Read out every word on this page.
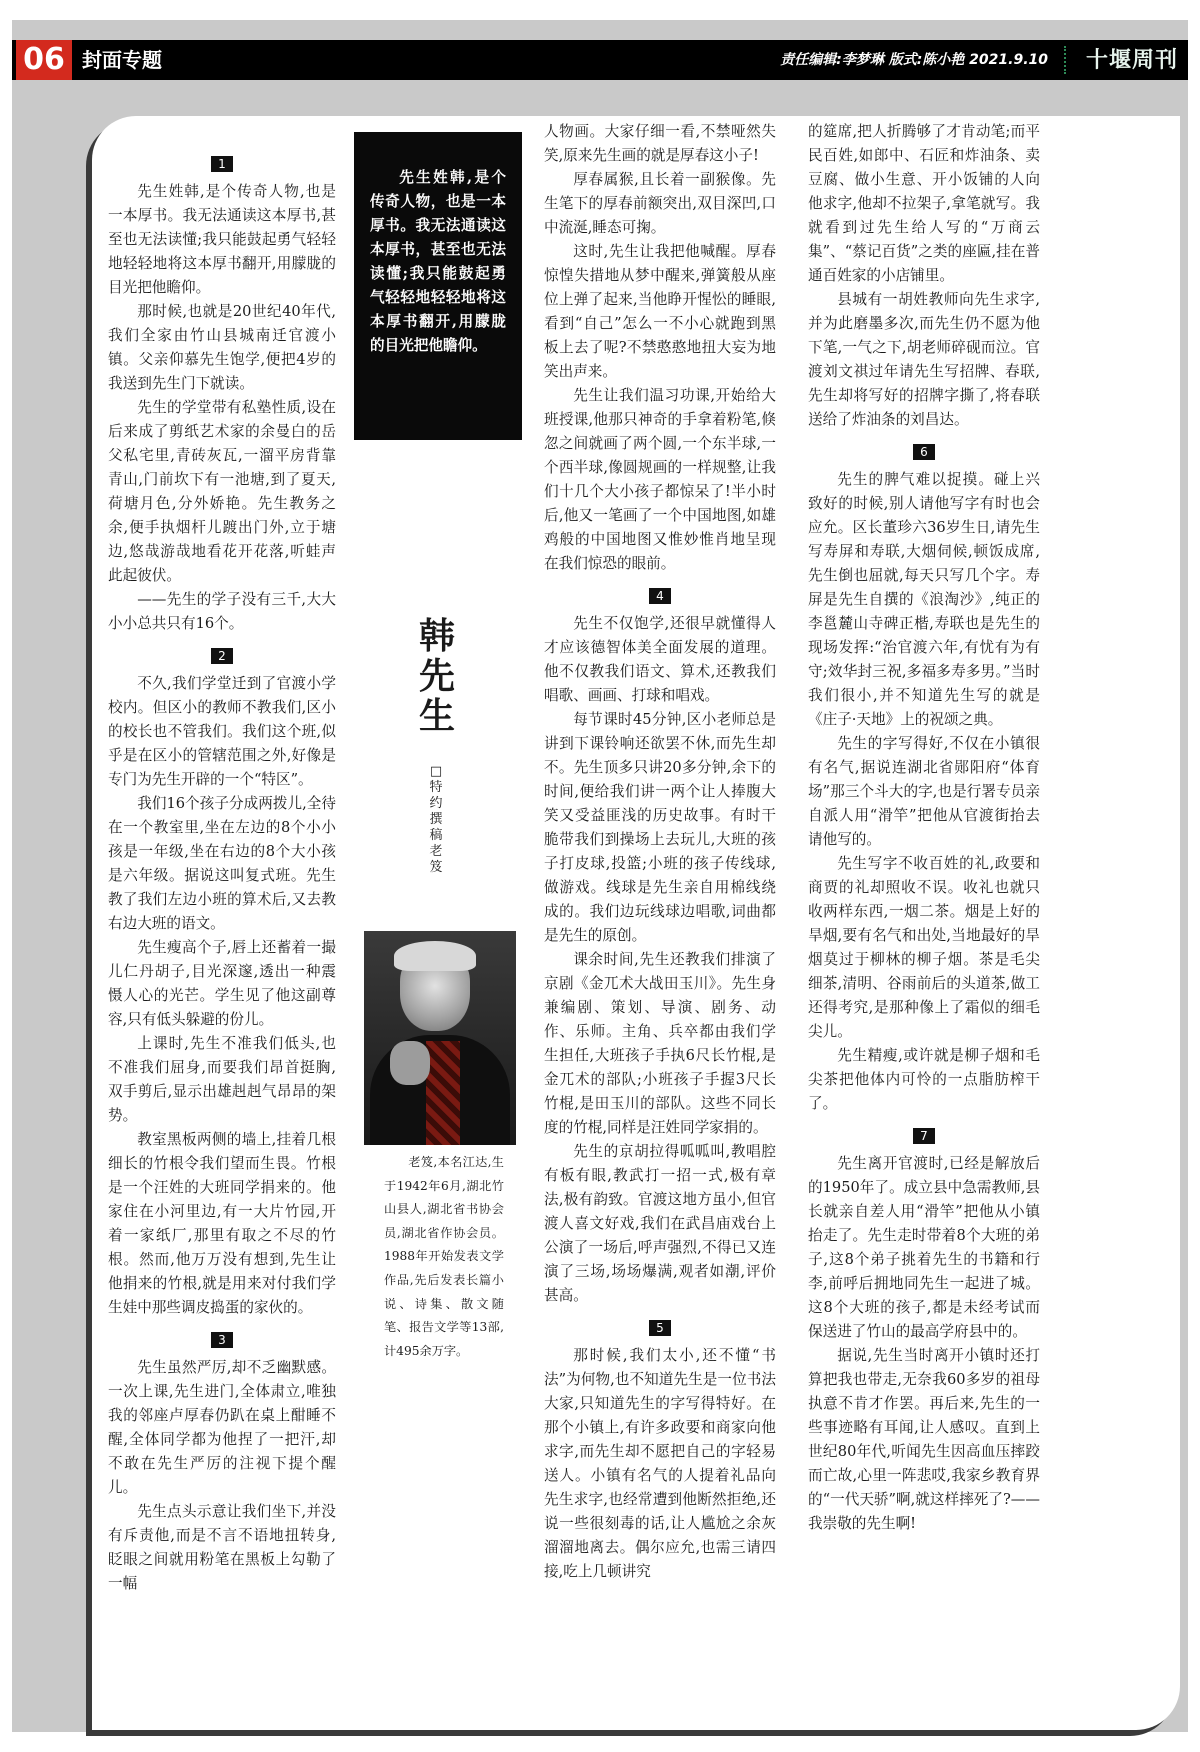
06 封面专题	责任编辑:李梦琳 版式:陈小艳 2021.9.10 十堰周刊
1

先生姓韩,是个传奇人物,也是一本厚书。我无法通读这本厚书,甚至也无法读懂;我只能鼓起勇气轻轻地轻轻地将这本厚书翻开,用朦胧的目光把他瞻仰。

那时候,也就是20世纪40年代,我们全家由竹山县城南迁官渡小镇。父亲仰慕先生饱学,便把4岁的我送到先生门下就读。

先生的学堂带有私塾性质,设在后来成了剪纸艺术家的余曼白的岳父私宅里,青砖灰瓦,一溜平房背靠青山,门前坎下有一池塘,到了夏天,荷塘月色,分外娇艳。先生教务之余,便手执烟杆儿踱出门外,立于塘边,悠哉游哉地看花开花落,听蛙声此起彼伏。

——先生的学子没有三千,大大小小总共只有16个。

2

不久,我们学堂迁到了官渡小学校内。但区小的教师不教我们,区小的校长也不管我们。我们这个班,似乎是在区小的管辖范围之外,好像是专门为先生开辟的一个“特区”。

我们16个孩子分成两拨儿,全待在一个教室里,坐在左边的8个小小孩是一年级,坐在右边的8个大小孩是六年级。据说这叫复式班。先生教了我们左边小班的算术后,又去教右边大班的语文。

先生瘦高个子,唇上还蓄着一撮儿仁丹胡子,目光深邃,透出一种震慑人心的光芒。学生见了他这副尊容,只有低头躲避的份儿。

上课时,先生不准我们低头,也不准我们屈身,而要我们昂首挺胸,双手剪后,显示出雄赳赳气昂昂的架势。

教室黑板两侧的墙上,挂着几根细长的竹根令我们望而生畏。竹根是一个汪姓的大班同学捐来的。他家住在小河里边,有一大片竹园,开着一家纸厂,那里有取之不尽的竹根。然而,他万万没有想到,先生让他捐来的竹根,就是用来对付我们学生娃中那些调皮捣蛋的家伙的。

3

先生虽然严厉,却不乏幽默感。一次上课,先生进门,全体肃立,唯独我的邻座卢厚春仍趴在桌上酣睡不醒,全体同学都为他捏了一把汗,却不敢在先生严厉的注视下提个醒儿。

先生点头示意让我们坐下,并没有斥责他,而是不言不语地扭转身,眨眼之间就用粉笔在黑板上勾勒了一幅

先生姓韩,是个传奇人物，也是一本厚书。我无法通读这本厚书，甚至也无法读懂;我只能鼓起勇气轻轻地轻轻地将这本厚书翻开,用朦胧的目光把他瞻仰。

韩先生
□特约撰稿 老笈

老笈,本名江达,生于1942年6月,湖北竹山县人,湖北省书协会员,湖北省作协会员。1988年开始发表文学作品,先后发表长篇小说、诗集、散文随笔、报告文学等13部,计495余万字。

人物画。大家仔细一看,不禁哑然失笑,原来先生画的就是厚春这小子!

厚春属猴,且长着一副猴像。先生笔下的厚春前额突出,双目深凹,口中流涎,睡态可掬。

这时,先生让我把他喊醒。厚春惊惶失措地从梦中醒来,弹簧般从座位上弹了起来,当他睁开惺忪的睡眼,看到“自己”怎么一不小心就跑到黑板上去了呢?不禁憨憨地扭大妄为地笑出声来。

先生让我们温习功课,开始给大班授课,他那只神奇的手拿着粉笔,倏忽之间就画了两个圆,一个东半球,一个西半球,像圆规画的一样规整,让我们十几个大小孩子都惊呆了!半小时后,他又一笔画了一个中国地图,如雄鸡般的中国地图又惟妙惟肖地呈现在我们惊恐的眼前。

4

先生不仅饱学,还很早就懂得人才应该德智体美全面发展的道理。他不仅教我们语文、算术,还教我们唱歌、画画、打球和唱戏。

每节课时45分钟,区小老师总是讲到下课铃响还欲罢不休,而先生却不。先生顶多只讲20多分钟,余下的时间,便给我们讲一两个让人捧腹大笑又受益匪浅的历史故事。有时干脆带我们到操场上去玩儿,大班的孩子打皮球,投篮;小班的孩子传线球,做游戏。线球是先生亲自用棉线绕成的。我们边玩线球边唱歌,词曲都是先生的原创。

课余时间,先生还教我们排演了京剧《金兀术大战田玉川》。先生身兼编剧、策划、导演、剧务、动作、乐师。主角、兵卒都由我们学生担任,大班孩子手执6尺长竹棍,是金兀术的部队;小班孩子手握3尺长竹棍,是田玉川的部队。这些不同长度的竹棍,同样是汪姓同学家捐的。

先生的京胡拉得呱呱叫,教唱腔有板有眼,教武打一招一式,极有章法,极有韵致。官渡这地方虽小,但官渡人喜文好戏,我们在武昌庙戏台上公演了一场后,呼声强烈,不得已又连演了三场,场场爆满,观者如潮,评价甚高。

5

那时候,我们太小,还不懂“书法”为何物,也不知道先生是一位书法大家,只知道先生的字写得特好。在那个小镇上,有许多政要和商家向他求字,而先生却不愿把自己的字轻易送人。小镇有名气的人提着礼品向先生求字,也经常遭到他断然拒绝,还说一些很刻毒的话,让人尴尬之余灰溜溜地离去。偶尔应允,也需三请四接,吃上几顿讲究

的筵席,把人折腾够了才肯动笔;而平民百姓,如郎中、石匠和炸油条、卖豆腐、做小生意、开小饭铺的人向他求字,他却不拉架子,拿笔就写。我就看到过先生给人写的“万商云集”、“蔡记百货”之类的座匾,挂在普通百姓家的小店铺里。

县城有一胡姓教师向先生求字,并为此磨墨多次,而先生仍不愿为他下笔,一气之下,胡老师碎砚而泣。官渡刘文祺过年请先生写招牌、春联,先生却将写好的招牌字撕了,将春联送给了炸油条的刘昌达。

6

先生的脾气难以捉摸。碰上兴致好的时候,别人请他写字有时也会应允。区长董珍六36岁生日,请先生写寿屏和寿联,大烟伺候,顿饭成席,先生倒也屈就,每天只写几个字。寿屏是先生自撰的《浪淘沙》,纯正的李邕麓山寺碑正楷,寿联也是先生的现场发挥:“治官渡六年,有忧有为有守;效华封三祝,多福多寿多男。”当时我们很小,并不知道先生写的就是《庄子·天地》上的祝颂之典。

先生的字写得好,不仅在小镇很有名气,据说连湖北省郧阳府“体育场”那三个斗大的字,也是行署专员亲自派人用“滑竿”把他从官渡街抬去请他写的。

先生写字不收百姓的礼,政要和商贾的礼却照收不误。收礼也就只收两样东西,一烟二茶。烟是上好的旱烟,要有名气和出处,当地最好的旱烟莫过于柳林的柳子烟。茶是毛尖细茶,清明、谷雨前后的头道茶,做工还得考究,是那种像上了霜似的细毛尖儿。

先生精瘦,或许就是柳子烟和毛尖茶把他体内可怜的一点脂肪榨干了。

7

先生离开官渡时,已经是解放后的1950年了。成立县中急需教师,县长就亲自差人用“滑竿”把他从小镇抬走了。先生走时带着8个大班的弟子,这8个弟子挑着先生的书籍和行李,前呼后拥地同先生一起进了城。这8个大班的孩子,都是未经考试而保送进了竹山的最高学府县中的。

据说,先生当时离开小镇时还打算把我也带走,无奈我60多岁的祖母执意不肯才作罢。再后来,先生的一些事迹略有耳闻,让人感叹。直到上世纪80年代,听闻先生因高血压摔跤而亡故,心里一阵悲哎,我家乡教育界的“一代天骄”啊,就这样摔死了?——我崇敬的先生啊!
